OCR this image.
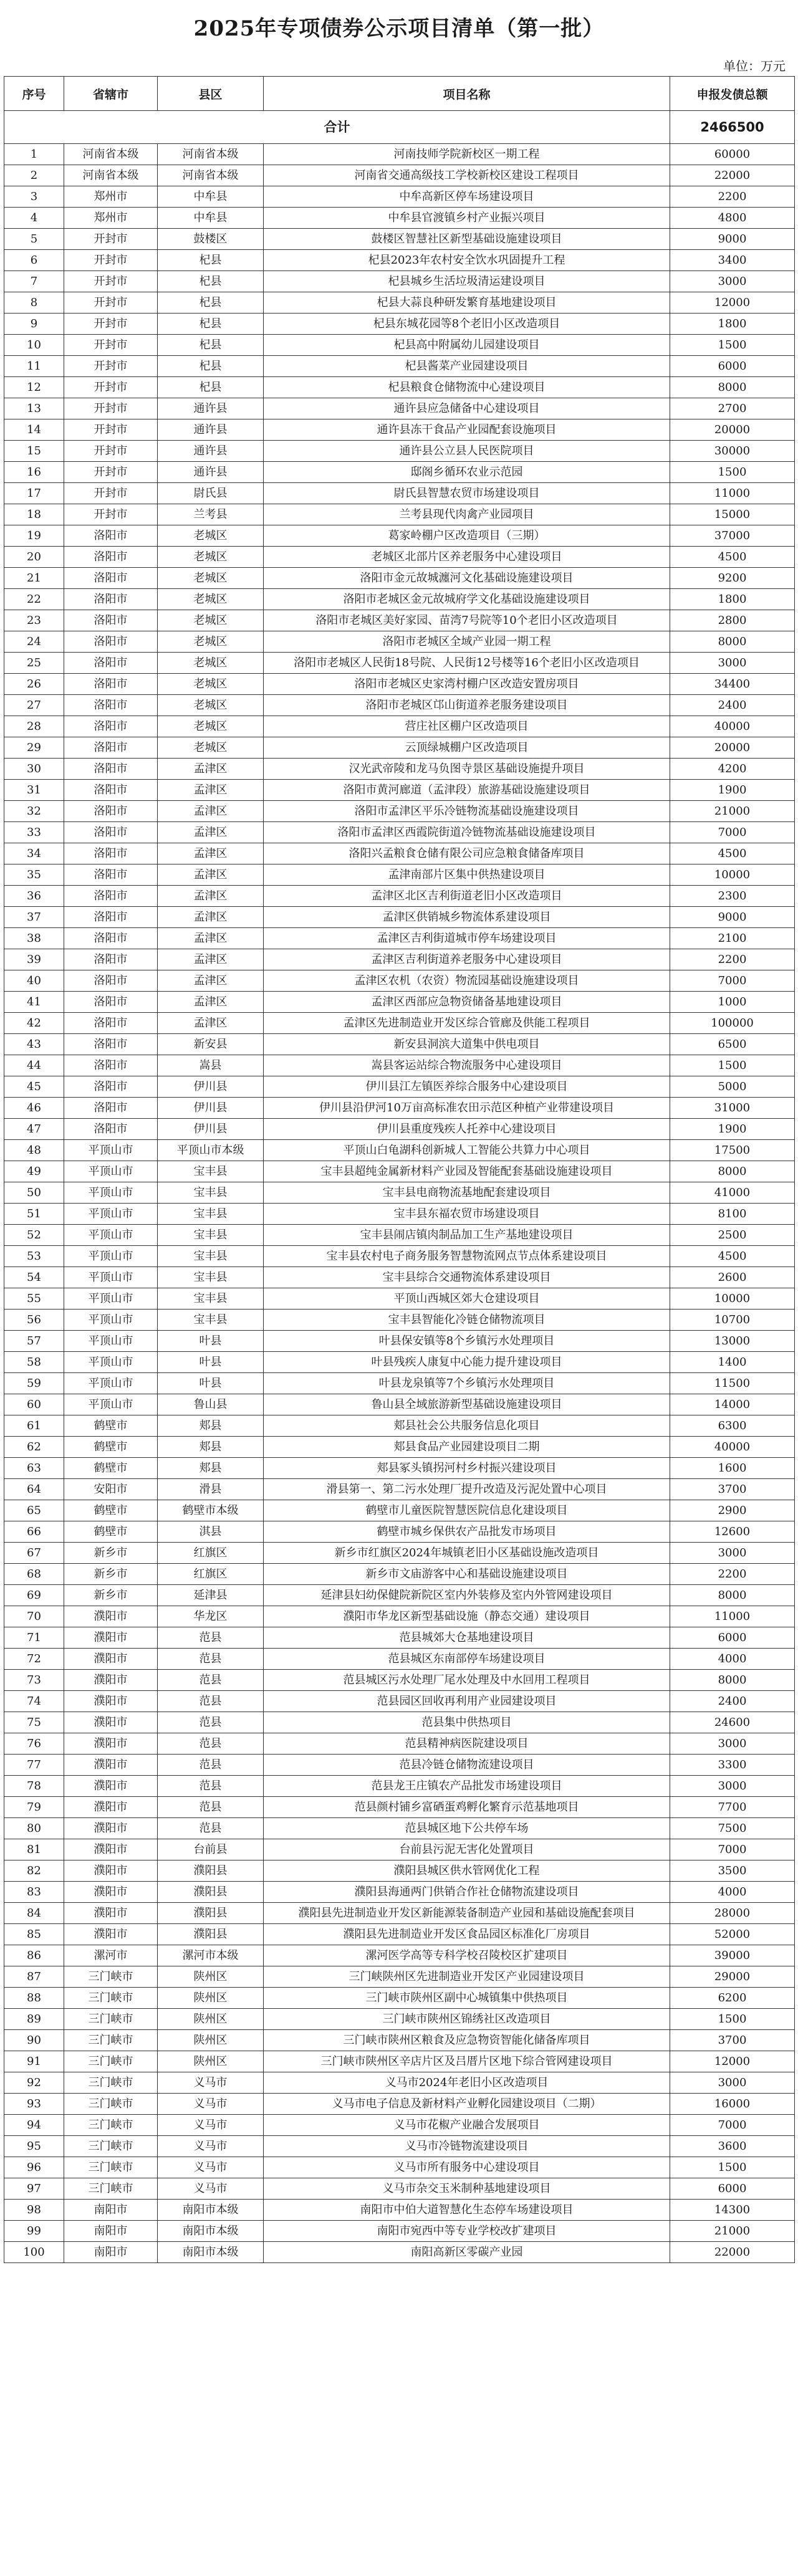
2025年专项债券公示项目清单（第一批）
单位：万元
序号	省辖市	县区	项目名称	申报发债总额
合计				2466500
1	河南省本级	河南省本级	河南技师学院新校区一期工程	60000
2	河南省本级	河南省本级	河南省交通高级技工学校新校区建设工程项目	22000
3	郑州市	中牟县	中牟高新区停车场建设项目	2200
4	郑州市	中牟县	中牟县官渡镇乡村产业振兴项目	4800
5	开封市	鼓楼区	鼓楼区智慧社区新型基础设施建设项目	9000
6	开封市	杞县	杞县2023年农村安全饮水巩固提升工程	3400
7	开封市	杞县	杞县城乡生活垃圾清运建设项目	3000
8	开封市	杞县	杞县大蒜良种研发繁育基地建设项目	12000
9	开封市	杞县	杞县东城花园等8个老旧小区改造项目	1800
10	开封市	杞县	杞县高中附属幼儿园建设项目	1500
11	开封市	杞县	杞县酱菜产业园建设项目	6000
12	开封市	杞县	杞县粮食仓储物流中心建设项目	8000
13	开封市	通许县	通许县应急储备中心建设项目	2700
14	开封市	通许县	通许县冻干食品产业园配套设施项目	20000
15	开封市	通许县	通许县公立县人民医院项目	30000
16	开封市	通许县	邸阁乡循环农业示范园	1500
17	开封市	尉氏县	尉氏县智慧农贸市场建设项目	11000
18	开封市	兰考县	兰考县现代肉禽产业园项目	15000
19	洛阳市	老城区	葛家岭棚户区改造项目（三期）	37000
20	洛阳市	老城区	老城区北部片区养老服务中心建设项目	4500
21	洛阳市	老城区	洛阳市金元故城瀍河文化基础设施建设项目	9200
22	洛阳市	老城区	洛阳市老城区金元故城府学文化基础设施建设项目	1800
23	洛阳市	老城区	洛阳市老城区美好家园、苗湾7号院等10个老旧小区改造项目	2800
24	洛阳市	老城区	洛阳市老城区全域产业园一期工程	8000
25	洛阳市	老城区	洛阳市老城区人民街18号院、人民街12号楼等16个老旧小区改造项目	3000
26	洛阳市	老城区	洛阳市老城区史家湾村棚户区改造安置房项目	34400
27	洛阳市	老城区	洛阳市老城区邙山街道养老服务建设项目	2400
28	洛阳市	老城区	营庄社区棚户区改造项目	40000
29	洛阳市	老城区	云顶绿城棚户区改造项目	20000
30	洛阳市	孟津区	汉光武帝陵和龙马负图寺景区基础设施提升项目	4200
31	洛阳市	孟津区	洛阳市黄河廊道（孟津段）旅游基础设施建设项目	1900
32	洛阳市	孟津区	洛阳市孟津区平乐冷链物流基础设施建设项目	21000
33	洛阳市	孟津区	洛阳市孟津区西霞院街道冷链物流基础设施建设项目	7000
34	洛阳市	孟津区	洛阳兴孟粮食仓储有限公司应急粮食储备库项目	4500
35	洛阳市	孟津区	孟津南部片区集中供热建设项目	10000
36	洛阳市	孟津区	孟津区北区吉利街道老旧小区改造项目	2300
37	洛阳市	孟津区	孟津区供销城乡物流体系建设项目	9000
38	洛阳市	孟津区	孟津区吉利街道城市停车场建设项目	2100
39	洛阳市	孟津区	孟津区吉利街道养老服务中心建设项目	2200
40	洛阳市	孟津区	孟津区农机（农资）物流园基础设施建设项目	7000
41	洛阳市	孟津区	孟津区西部应急物资储备基地建设项目	1000
42	洛阳市	孟津区	孟津区先进制造业开发区综合管廊及供能工程项目	100000
43	洛阳市	新安县	新安县洞滨大道集中供电项目	6500
44	洛阳市	嵩县	嵩县客运站综合物流服务中心建设项目	1500
45	洛阳市	伊川县	伊川县江左镇医养综合服务中心建设项目	5000
46	洛阳市	伊川县	伊川县沿伊河10万亩高标准农田示范区种植产业带建设项目	31000
47	洛阳市	伊川县	伊川县重度残疾人托养中心建设项目	1900
48	平顶山市	平顶山市本级	平顶山白龟湖科创新城人工智能公共算力中心项目	17500
49	平顶山市	宝丰县	宝丰县超纯金属新材料产业园及智能配套基础设施建设项目	8000
50	平顶山市	宝丰县	宝丰县电商物流基地配套建设项目	41000
51	平顶山市	宝丰县	宝丰县东福农贸市场建设项目	8100
52	平顶山市	宝丰县	宝丰县闹店镇肉制品加工生产基地建设项目	2500
53	平顶山市	宝丰县	宝丰县农村电子商务服务智慧物流网点节点体系建设项目	4500
54	平顶山市	宝丰县	宝丰县综合交通物流体系建设项目	2600
55	平顶山市	宝丰县	平顶山西城区郊大仓建设项目	10000
56	平顶山市	宝丰县	宝丰县智能化冷链仓储物流项目	10700
57	平顶山市	叶县	叶县保安镇等8个乡镇污水处理项目	13000
58	平顶山市	叶县	叶县残疾人康复中心能力提升建设项目	1400
59	平顶山市	叶县	叶县龙泉镇等7个乡镇污水处理项目	11500
60	平顶山市	鲁山县	鲁山县全域旅游新型基础设施建设项目	14000
61	鹤壁市	郏县	郏县社会公共服务信息化项目	6300
62	鹤壁市	郏县	郏县食品产业园建设项目二期	40000
63	鹤壁市	郏县	郏县冢头镇拐河村乡村振兴建设项目	1600
64	安阳市	滑县	滑县第一、第二污水处理厂提升改造及污泥处置中心项目	3700
65	鹤壁市	鹤壁市本级	鹤壁市儿童医院智慧医院信息化建设项目	2900
66	鹤壁市	淇县	鹤壁市城乡保供农产品批发市场项目	12600
67	新乡市	红旗区	新乡市红旗区2024年城镇老旧小区基础设施改造项目	3000
68	新乡市	红旗区	新乡市文庙游客中心和基础设施建设项目	2200
69	新乡市	延津县	延津县妇幼保健院新院区室内外装修及室内外管网建设项目	8000
70	濮阳市	华龙区	濮阳市华龙区新型基础设施（静态交通）建设项目	11000
71	濮阳市	范县	范县城郊大仓基地建设项目	6000
72	濮阳市	范县	范县城区东南部停车场建设项目	4000
73	濮阳市	范县	范县城区污水处理厂尾水处理及中水回用工程项目	8000
74	濮阳市	范县	范县园区回收再利用产业园建设项目	2400
75	濮阳市	范县	范县集中供热项目	24600
76	濮阳市	范县	范县精神病医院建设项目	3000
77	濮阳市	范县	范县冷链仓储物流建设项目	3300
78	濮阳市	范县	范县龙王庄镇农产品批发市场建设项目	3000
79	濮阳市	范县	范县颜村铺乡富硒蛋鸡孵化繁育示范基地项目	7700
80	濮阳市	范县	范县城区地下公共停车场	7500
81	濮阳市	台前县	台前县污泥无害化处置项目	7000
82	濮阳市	濮阳县	濮阳县城区供水管网优化工程	3500
83	濮阳市	濮阳县	濮阳县海通两门供销合作社仓储物流建设项目	4000
84	濮阳市	濮阳县	濮阳县先进制造业开发区新能源装备制造产业园和基础设施配套项目	28000
85	濮阳市	濮阳县	濮阳县先进制造业开发区食品园区标准化厂房项目	52000
86	漯河市	漯河市本级	漯河医学高等专科学校召陵校区扩建项目	39000
87	三门峡市	陕州区	三门峡陕州区先进制造业开发区产业园建设项目	29000
88	三门峡市	陕州区	三门峡市陕州区副中心城镇集中供热项目	6200
89	三门峡市	陕州区	三门峡市陕州区锦绣社区改造项目	1500
90	三门峡市	陕州区	三门峡市陕州区粮食及应急物资智能化储备库项目	3700
91	三门峡市	陕州区	三门峡市陕州区辛店片区及吕厝片区地下综合管网建设项目	12000
92	三门峡市	义马市	义马市2024年老旧小区改造项目	3000
93	三门峡市	义马市	义马市电子信息及新材料产业孵化园建设项目（二期）	16000
94	三门峡市	义马市	义马市花椒产业融合发展项目	7000
95	三门峡市	义马市	义马市冷链物流建设项目	3600
96	三门峡市	义马市	义马市所有服务中心建设项目	1500
97	三门峡市	义马市	义马市杂交玉米制种基地建设项目	6000
98	南阳市	南阳市本级	南阳市中伯大道智慧化生态停车场建设项目	14300
99	南阳市	南阳市本级	南阳市宛西中等专业学校改扩建项目	21000
100	南阳市	南阳市本级	南阳高新区零碳产业园	22000
